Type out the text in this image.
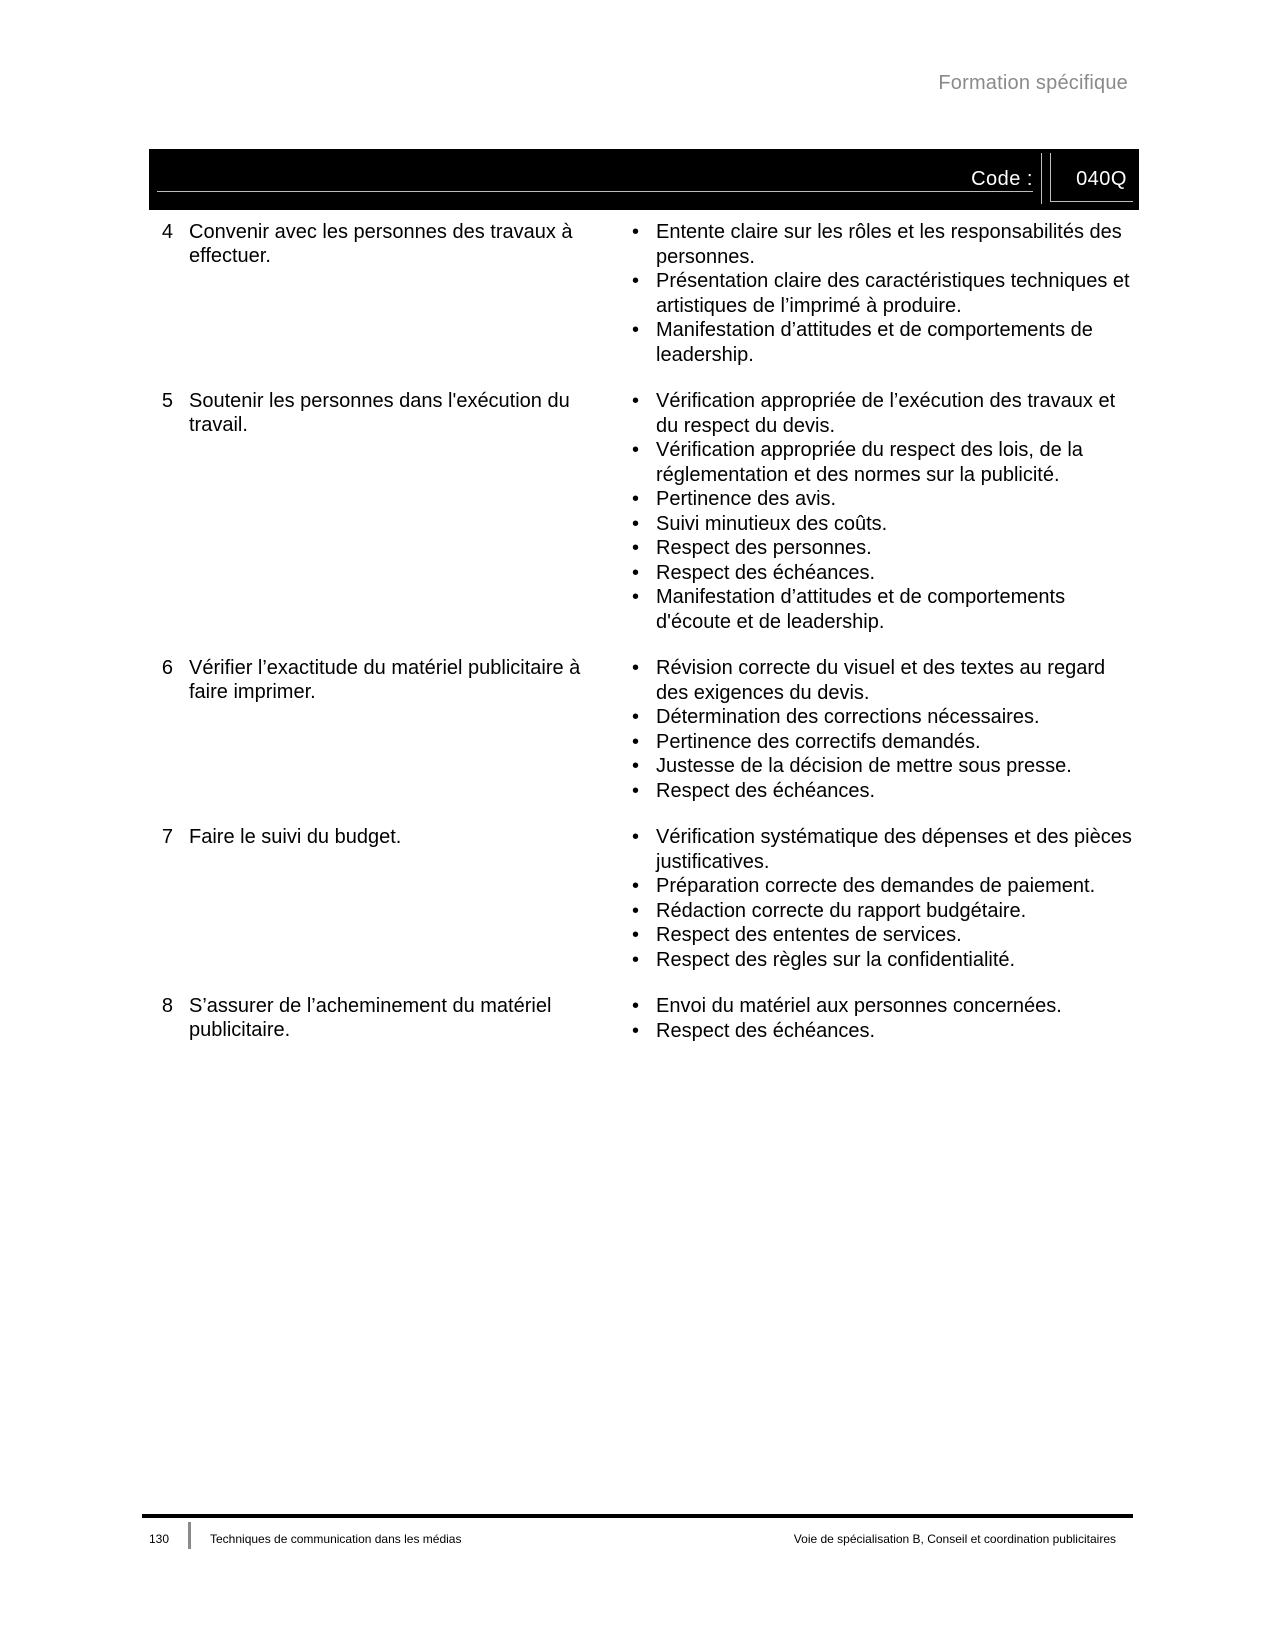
Formation spécifique
Code : 040Q
4 Convenir avec les personnes des travaux à effectuer.
• Entente claire sur les rôles et les responsabilités des personnes.
• Présentation claire des caractéristiques techniques et artistiques de l’imprimé à produire.
• Manifestation d’attitudes et de comportements de leadership.
5 Soutenir les personnes dans l'exécution du travail.
• Vérification appropriée de l’exécution des travaux et du respect du devis.
• Vérification appropriée du respect des lois, de la réglementation et des normes sur la publicité.
• Pertinence des avis.
• Suivi minutieux des coûts.
• Respect des personnes.
• Respect des échéances.
• Manifestation d’attitudes et de comportements d'écoute et de leadership.
6 Vérifier l’exactitude du matériel publicitaire à faire imprimer.
• Révision correcte du visuel et des textes au regard des exigences du devis.
• Détermination des corrections nécessaires.
• Pertinence des correctifs demandés.
• Justesse de la décision de mettre sous presse.
• Respect des échéances.
7 Faire le suivi du budget.	• Vérification systématique des dépenses et des pièces justificatives.
• Préparation correcte des demandes de paiement.
• Rédaction correcte du rapport budgétaire.
• Respect des ententes de services.
• Respect des règles sur la confidentialité.
8 S’assurer de l’acheminement du matériel publicitaire.
• Envoi du matériel aux personnes concernées.
• Respect des échéances.
130	Techniques de communication dans les médias	Voie de spécialisation B, Conseil et coordination publicitaires
